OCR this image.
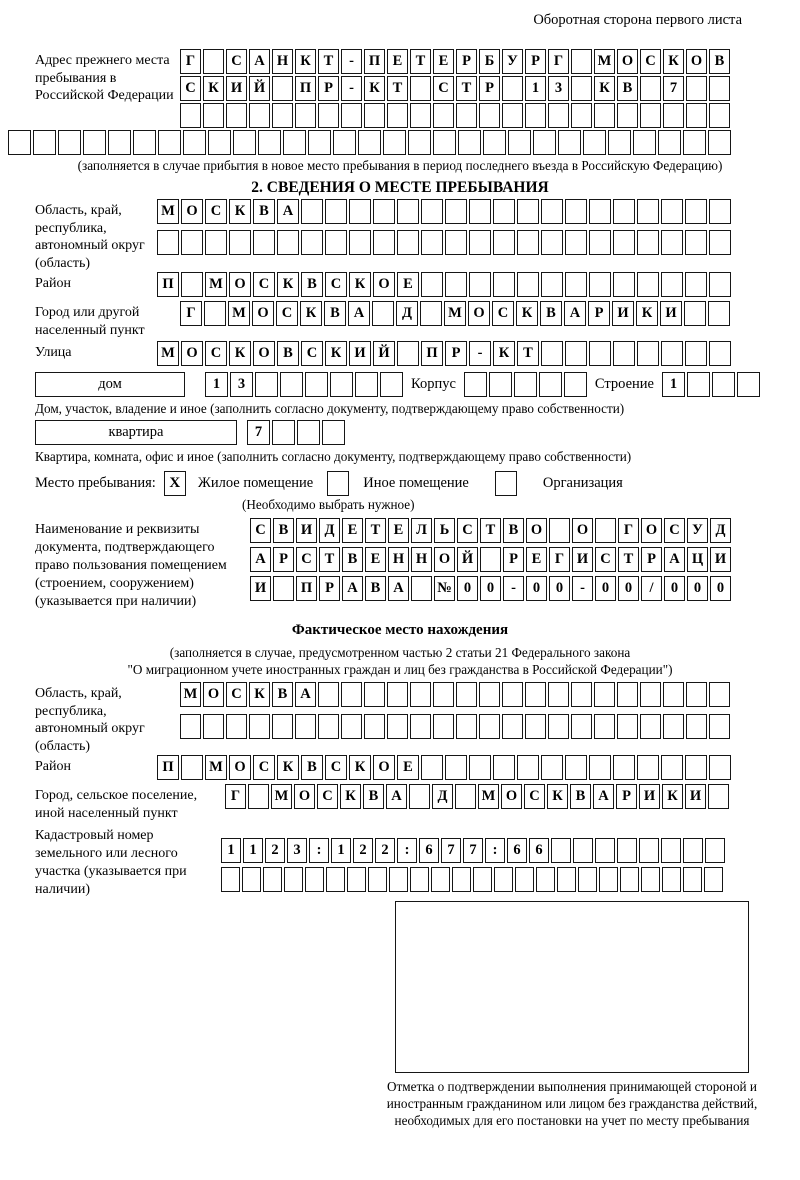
Оборотная сторона первого листа
Адрес прежнего места пребывания в Российской Федерации
Г	С А Н К Т	-	П Е Т Е Р Б У Р Г	М О С К О В
С К И Й	П Р	-	К Т	С Т Р	1	3	К В	7
(заполняется в случае прибытия в новое место пребывания в период последнего въезда в Российскую Федерацию)
2. СВЕДЕНИЯ О МЕСТЕ ПРЕБЫВАНИЯ
Область, край, республика, автономный округ (область)
М О С К В А
Район	П	М О С К В С К О Е
Город или другой населенный пункт
Г	М О С К В А	Д	М О С К В А Р И К И
Улица	М О С К О В С К И Й	П Р	-	К Т
дом	1	3	Корпус	Строение	1
Дом, участок, владение и иное (заполнить согласно документу, подтверждающему право собственности)
квартира	7
Квартира, комната, офис и иное (заполнить согласно документу, подтверждающему право собственности)
Место пребывания: X	Жилое помещение	Иное помещение	Организация
(Необходимо выбрать нужное)
Наименование и реквизиты документа, подтверждающего право пользования помещением (строением, сооружением) (указывается при наличии)
С В И Д Е Т Е Л Ь С Т В О	О	Г О С У Д
А Р С Т В Е Н Н О Й	Р Е Г И С Т Р А Ц И
И	П Р А В А	№ 0	0	-	0	0	-	0	0	/	0	0	0
Фактическое место нахождения
(заполняется в случае, предусмотренном частью 2 статьи 21 Федерального закона
"О миграционном учете иностранных граждан и лиц без гражданства в Российской Федерации")
Область, край, республика, автономный округ (область)
М О С К В А
Район	П	М О С К В С К О Е
Город, сельское поселение, иной населенный пункт
Г	М О С К В А	Д	М О С К В А Р И К И
Кадастровый номер земельного или лесного участка (указывается при наличии)
1	1	2	3	:	1	2	2	:	6	7	7	:	6	6
Отметка о подтверждении выполнения принимающей стороной и иностранным гражданином или лицом без гражданства действий, необходимых для его постановки на учет по месту пребывания
